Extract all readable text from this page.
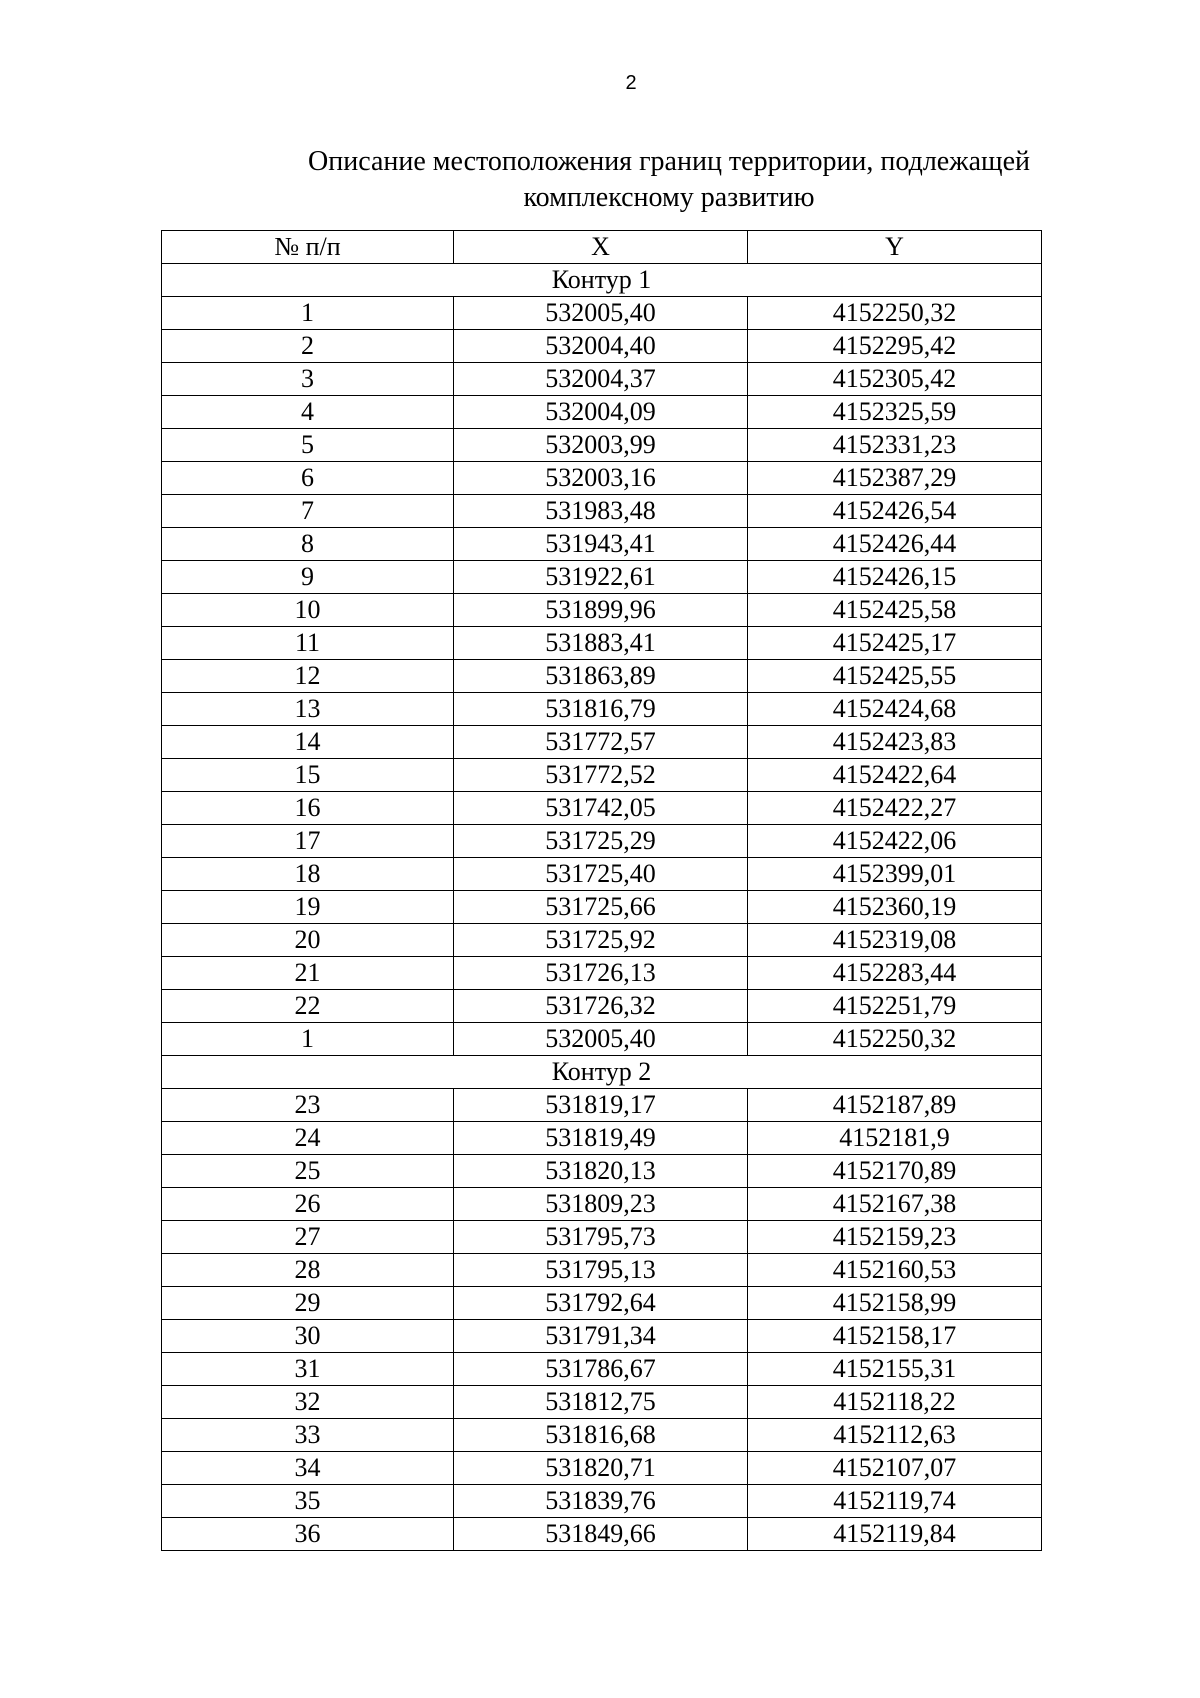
2
Описание местоположения границ территории, подлежащей
комплексному развитию
№ п/п	X	Y
Контур 1		
1	532005,40	4152250,32
2	532004,40	4152295,42
3	532004,37	4152305,42
4	532004,09	4152325,59
5	532003,99	4152331,23
6	532003,16	4152387,29
7	531983,48	4152426,54
8	531943,41	4152426,44
9	531922,61	4152426,15
10	531899,96	4152425,58
11	531883,41	4152425,17
12	531863,89	4152425,55
13	531816,79	4152424,68
14	531772,57	4152423,83
15	531772,52	4152422,64
16	531742,05	4152422,27
17	531725,29	4152422,06
18	531725,40	4152399,01
19	531725,66	4152360,19
20	531725,92	4152319,08
21	531726,13	4152283,44
22	531726,32	4152251,79
1	532005,40	4152250,32
Контур 2		
23	531819,17	4152187,89
24	531819,49	4152181,9
25	531820,13	4152170,89
26	531809,23	4152167,38
27	531795,73	4152159,23
28	531795,13	4152160,53
29	531792,64	4152158,99
30	531791,34	4152158,17
31	531786,67	4152155,31
32	531812,75	4152118,22
33	531816,68	4152112,63
34	531820,71	4152107,07
35	531839,76	4152119,74
36	531849,66	4152119,84
